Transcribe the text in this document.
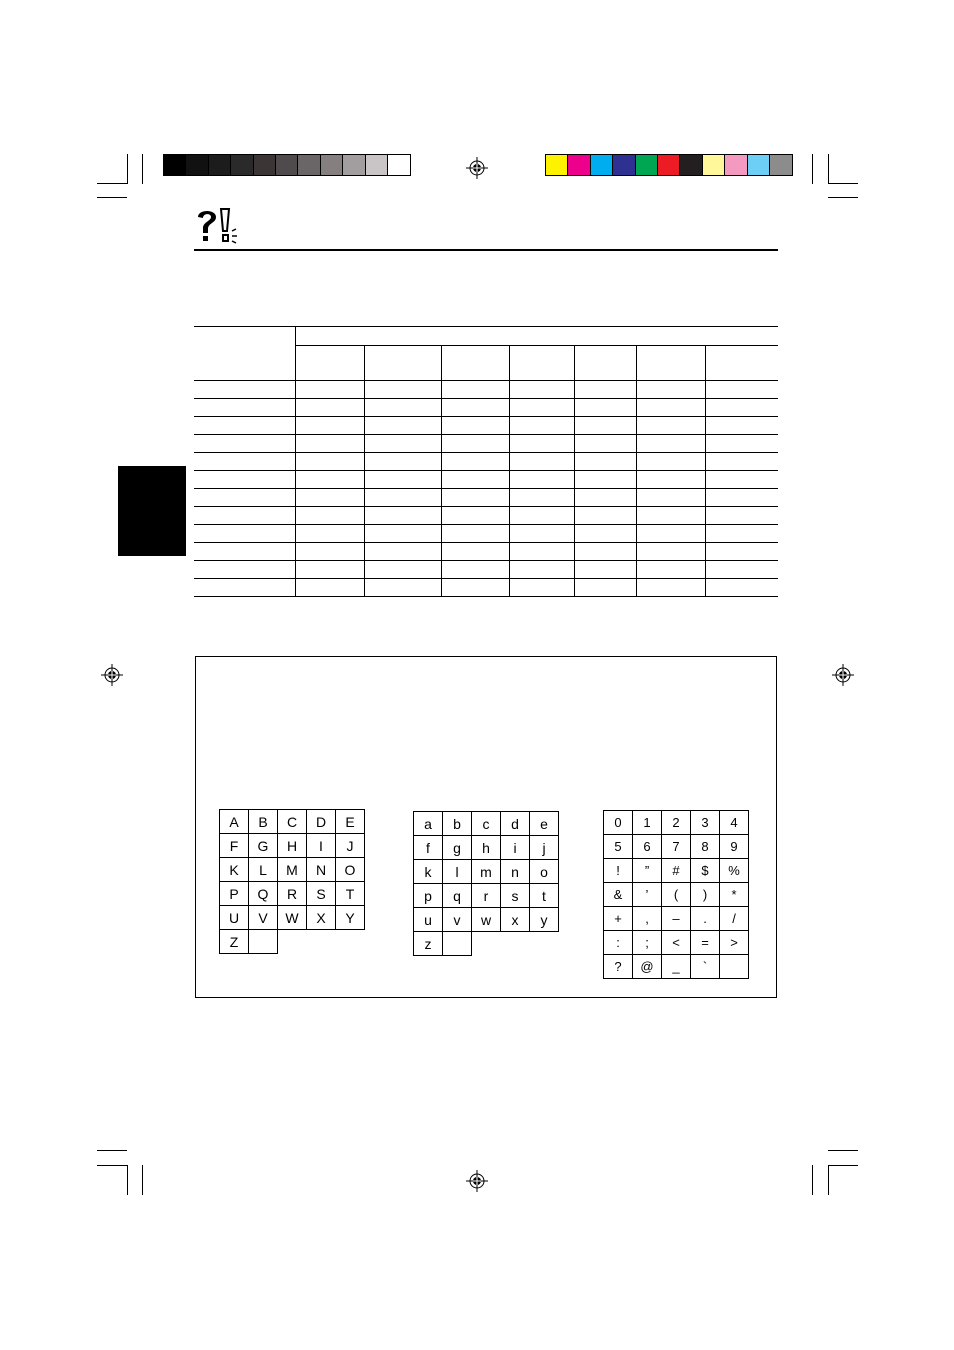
A	B	C	D	E
F	G	H	I	J
K	L	M	N	O
P	Q	R	S	T
U	V	W	X	Y
Z				
a	b	c	d	e
f	g	h	i	j
k	l	m	n	o
p	q	r	s	t
u	v	w	x	y
z				
0	1	2	3	4
5	6	7	8	9
!	”	#	$	%
&	’	(	)	*
+	,	–	.	/
:	;	<	=	>
?	@	_	`	
